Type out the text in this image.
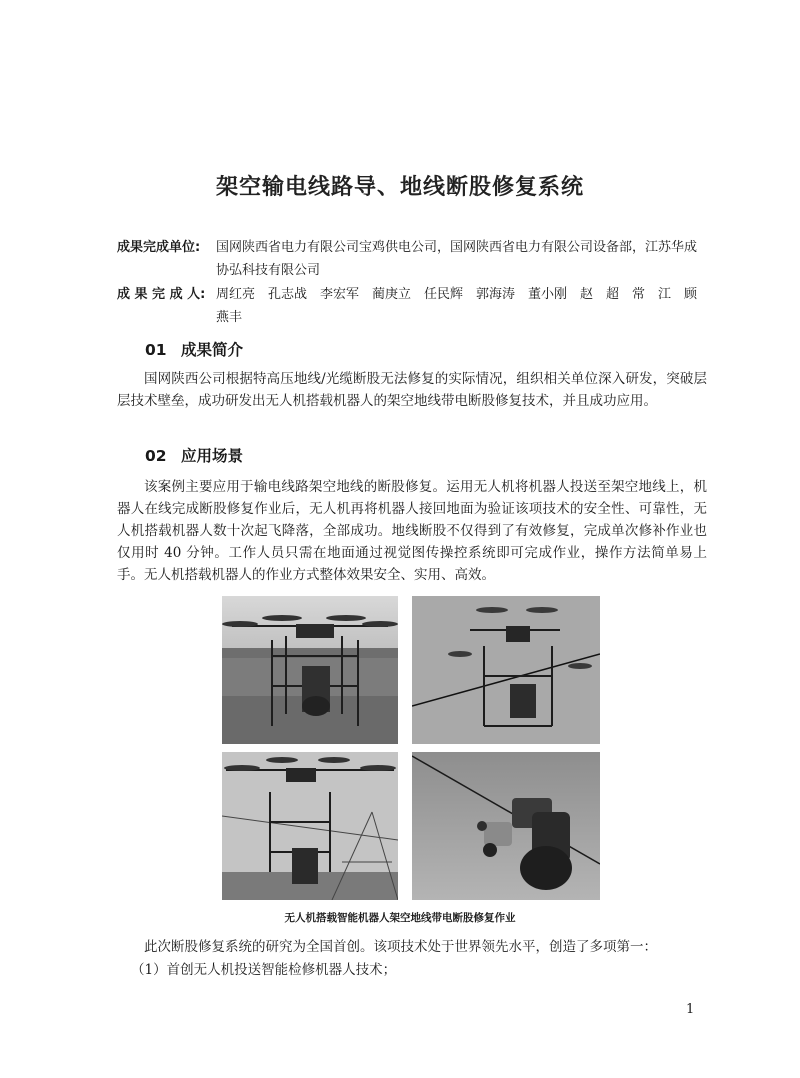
架空输电线路导、地线断股修复系统
成果完成单位:	国网陕西省电力有限公司宝鸡供电公司，国网陕西省电力有限公司设备部，江苏华成协弘科技有限公司
成 果 完 成 人: 周红亮　孔志战　李宏军　蔺庚立　任民辉　郭海涛　董小刚　赵　超　常　江　顾燕丰
01 成果简介
国网陕西公司根据特高压地线/光缆断股无法修复的实际情况，组织相关单位深入研发，突破层层技术壁垒，成功研发出无人机搭载机器人的架空地线带电断股修复技术，并且成功应用。
02 应用场景
该案例主要应用于输电线路架空地线的断股修复。运用无人机将机器人投送至架空地线上，机器人在线完成断股修复作业后，无人机再将机器人接回地面为验证该项技术的安全性、可靠性，无人机搭载机器人数十次起飞降落，全部成功。地线断股不仅得到了有效修复，完成单次修补作业也仅用时 40 分钟。工作人员只需在地面通过视觉图传操控系统即可完成作业，操作方法简单易上手。无人机搭载机器人的作业方式整体效果安全、实用、高效。
无人机搭载智能机器人架空地线带电断股修复作业
此次断股修复系统的研究为全国首创。该项技术处于世界领先水平，创造了多项第一：
（1）首创无人机投送智能检修机器人技术；
1
